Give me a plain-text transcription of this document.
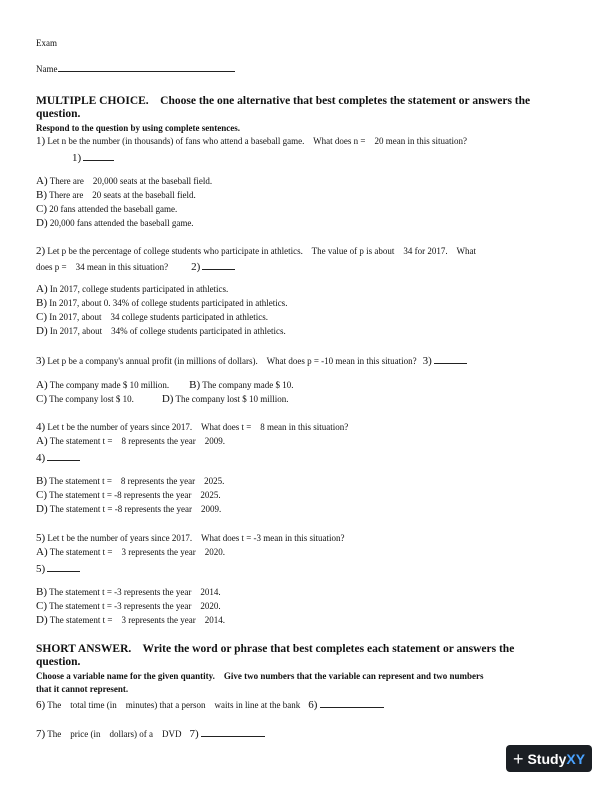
Exam
Name
MULTIPLE CHOICE.    Choose the one alternative that best completes the statement or answers the
question.
Respond to the question by using complete sentences.
1) Let n be the number (in thousands) of fans who attend a baseball game.    What does n =    20 mean in this situation?
1)
A) There are    20,000 seats at the baseball field.
B) There are    20 seats at the baseball field.
C) 20 fans attended the baseball game.
D) 20,000 fans attended the baseball game.
2) Let p be the percentage of college students who participate in athletics.    The value of p is about    34 for 2017.    What
does p =    34 mean in this situation? 2)
A) In 2017, college students participated in athletics.
B) In 2017, about 0. 34% of college students participated in athletics.
C) In 2017, about    34 college students participated in athletics.
D) In 2017, about    34% of college students participated in athletics.
3) Let p be a company's annual profit (in millions of dollars).    What does p = -10 mean in this situation? 3)
A) The company made $ 10 million. B) The company made $ 10.
C) The company lost $ 10.	D) The company lost $ 10 million.
4) Let t be the number of years since 2017.    What does t =    8 mean in this situation?
A) The statement t =    8 represents the year    2009.
4)
B) The statement t =    8 represents the year    2025.
C) The statement t = -8 represents the year    2025.
D) The statement t = -8 represents the year    2009.
5) Let t be the number of years since 2017.    What does t = -3 mean in this situation?
A) The statement t =    3 represents the year    2020.
5)
B) The statement t = -3 represents the year    2014.
C) The statement t = -3 represents the year    2020.
D) The statement t =    3 represents the year    2014.
SHORT ANSWER.    Write the word or phrase that best completes each statement or answers the
question.
Choose a variable name for the given quantity.    Give two numbers that the variable can represent and two numbers
that it cannot represent.
6) The    total time (in    minutes) that a person    waits in line at the bank 6)
7) The    price (in    dollars) of a    DVD 7)
+ Study XY
